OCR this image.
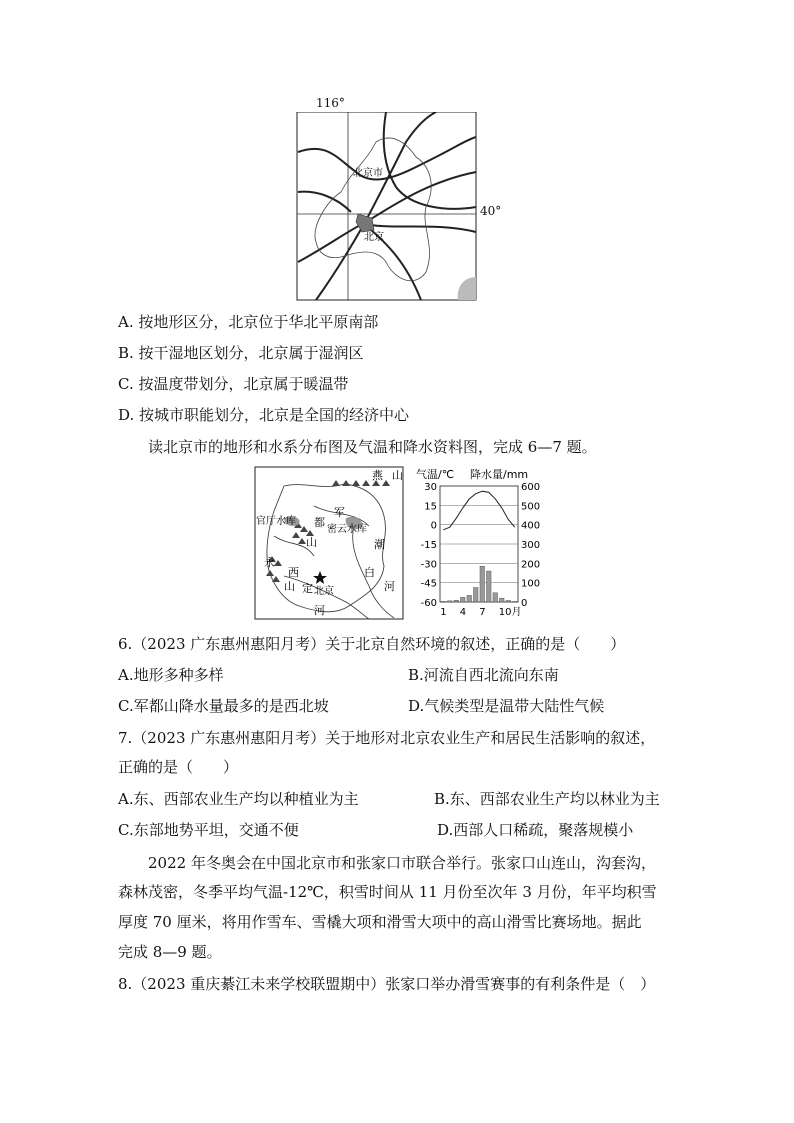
116°
北京市
北京
40°
A. 按地形区分，北京位于华北平原南部
B. 按干湿地区划分，北京属于湿润区
C. 按温度带划分，北京属于暖温带
D. 按城市职能划分，北京是全国的经济中心
读北京市的地形和水系分布图及气温和降水资料图，完成 6—7 题。
燕 山
官厅水库
军
都
山
密云水库
潮
白
河
永
西
山 定
河
北京
气温/℃ 降水量/mm
30	600
15	500
0	400
-15	300
-30	200
-45	100
-60	0
1 4 7 10月
6.（2023 广东惠州惠阳月考）关于北京自然环境的叙述，正确的是（　　）
A.地形多种多样	B.河流自西北流向东南
C.军都山降水量最多的是西北坡	D.气候类型是温带大陆性气候
7.（2023 广东惠州惠阳月考）关于地形对北京农业生产和居民生活影响的叙述，
正确的是（　　）
A.东、西部农业生产均以种植业为主	B.东、西部农业生产均以林业为主
C.东部地势平坦，交通不便	D.西部人口稀疏，聚落规模小
2022 年冬奥会在中国北京市和张家口市联合举行。张家口山连山，沟套沟，
森林茂密，冬季平均气温-12℃，积雪时间从 11 月份至次年 3 月份，年平均积雪
厚度 70 厘米，将用作雪车、雪橇大项和滑雪大项中的高山滑雪比赛场地。据此
完成 8—9 题。
8.（2023 重庆綦江未来学校联盟期中）张家口举办滑雪赛事的有利条件是（　）
